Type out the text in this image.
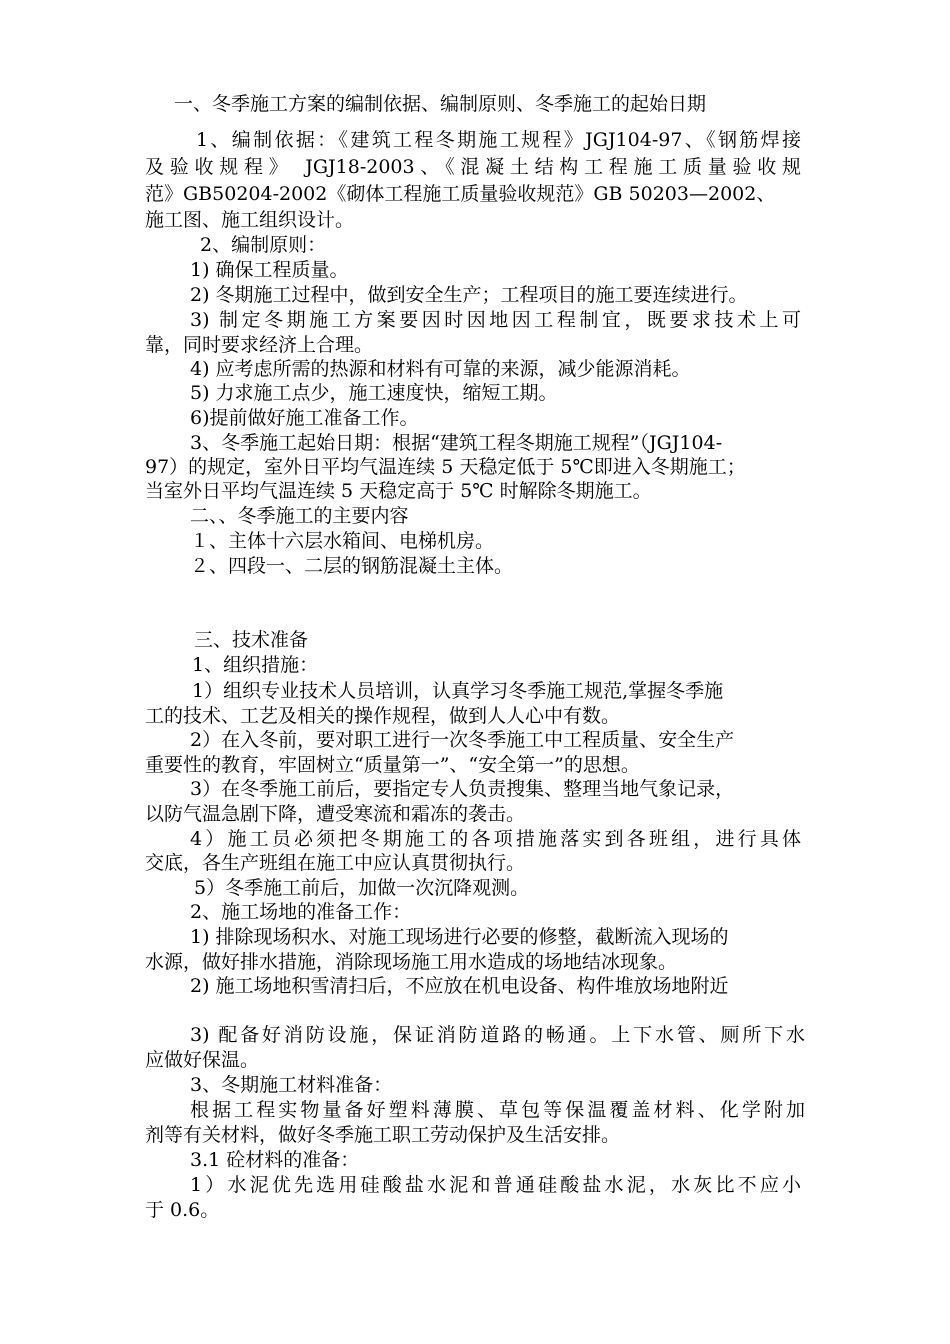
一、冬季施工方案的编制依据、编制原则、冬季施工的起始日期
1、编制依据：《建筑工程冬期施工规程》JGJ104-97、《钢筋焊接
及验收规程》 JGJ18-2003、《混凝土结构工程施工质量验收规
范》GB50204-2002《砌体工程施工质量验收规范》GB 50203—2002、
施工图、施工组织设计。
2、编制原则：
1) 确保工程质量。
2) 冬期施工过程中，做到安全生产；工程项目的施工要连续进行。
3) 制定冬期施工方案要因时因地因工程制宜，既要求技术上可
靠，同时要求经济上合理。
4) 应考虑所需的热源和材料有可靠的来源，减少能源消耗。
5) 力求施工点少，施工速度快，缩短工期。
6)提前做好施工准备工作。
3、冬季施工起始日期：根据“建筑工程冬期施工规程”（JGJ104-
97）的规定，室外日平均气温连续 5 天稳定低于 5℃即进入冬期施工；
当室外日平均气温连续 5 天稳定高于 5℃ 时解除冬期施工。
二、、冬季施工的主要内容
１、主体十六层水箱间、电梯机房。
２、四段一、二层的钢筋混凝土主体。
三、技术准备
1、组织措施：
1）组织专业技术人员培训，认真学习冬季施工规范,掌握冬季施
工的技术、工艺及相关的操作规程，做到人人心中有数。
2）在入冬前，要对职工进行一次冬季施工中工程质量、安全生产
重要性的教育，牢固树立“质量第一”、“安全第一”的思想。
3）在冬季施工前后，要指定专人负责搜集、整理当地气象记录，
以防气温急剧下降，遭受寒流和霜冻的袭击。
4）施工员必须把冬期施工的各项措施落实到各班组，进行具体
交底，各生产班组在施工中应认真贯彻执行。
5）冬季施工前后，加做一次沉降观测。
2、施工场地的准备工作：
1) 排除现场积水、对施工现场进行必要的修整，截断流入现场的
水源，做好排水措施，消除现场施工用水造成的场地结冰现象。
2) 施工场地积雪清扫后，不应放在机电设备、构件堆放场地附近
3) 配备好消防设施，保证消防道路的畅通。上下水管、厕所下水
应做好保温。
3、冬期施工材料准备：
根据工程实物量备好塑料薄膜、草包等保温覆盖材料、化学附加
剂等有关材料，做好冬季施工职工劳动保护及生活安排。
3.1 砼材料的准备：
1）水泥优先选用硅酸盐水泥和普通硅酸盐水泥，水灰比不应小
于 0.6。
